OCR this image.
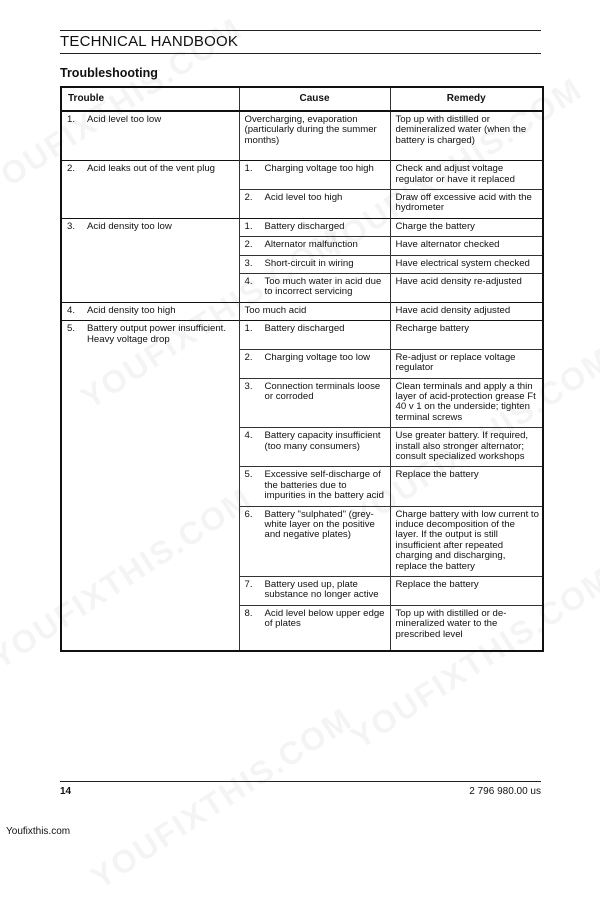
TECHNICAL HANDBOOK
Troubleshooting
Trouble	Cause	Remedy

1. Acid level too low	Overcharging, evaporation (particularly during the summer months)	Top up with distilled or demineralized water (when the battery is charged)

2. Acid leaks out of the vent plug	1. Charging voltage too high	Check and adjust voltage regulator or have it replaced

	2. Acid level too high	Draw off excessive acid with the hydrometer

3. Acid density too low	1. Battery discharged	Charge the battery

	2. Alternator malfunction	Have alternator checked

	3. Short-circuit in wiring	Have electrical system checked

	4. Too much water in acid due to incorrect servicing	Have acid density re-adjusted

4. Acid density too high	Too much acid	Have acid density adjusted

5. Battery output power insufficient. Heavy voltage drop	1. Battery discharged	Recharge battery

	2. Charging voltage too low	Re-adjust or replace voltage regulator

	3. Connection terminals loose or corroded	Clean terminals and apply a thin layer of acid-protection grease Ft 40 v 1 on the underside; tighten terminal screws

	4. Battery capacity insufficient (too many consumers)	Use greater battery. If required, install also stronger alternator; consult specialized workshops

	5. Excessive self-discharge of the batteries due to impurities in the battery acid	Replace the battery

	6. Battery "sulphated" (grey-white layer on the positive and negative plates)	Charge battery with low current to induce decomposition of the layer. If the output is still insufficient after repeated charging and discharging, replace the battery

	7. Battery used up, plate substance no longer active	Replace the battery

	8. Acid level below upper edge of plates	Top up with distilled or de-mineralized water to the prescribed level
14	2 796 980.00 us
Youfixthis.com
